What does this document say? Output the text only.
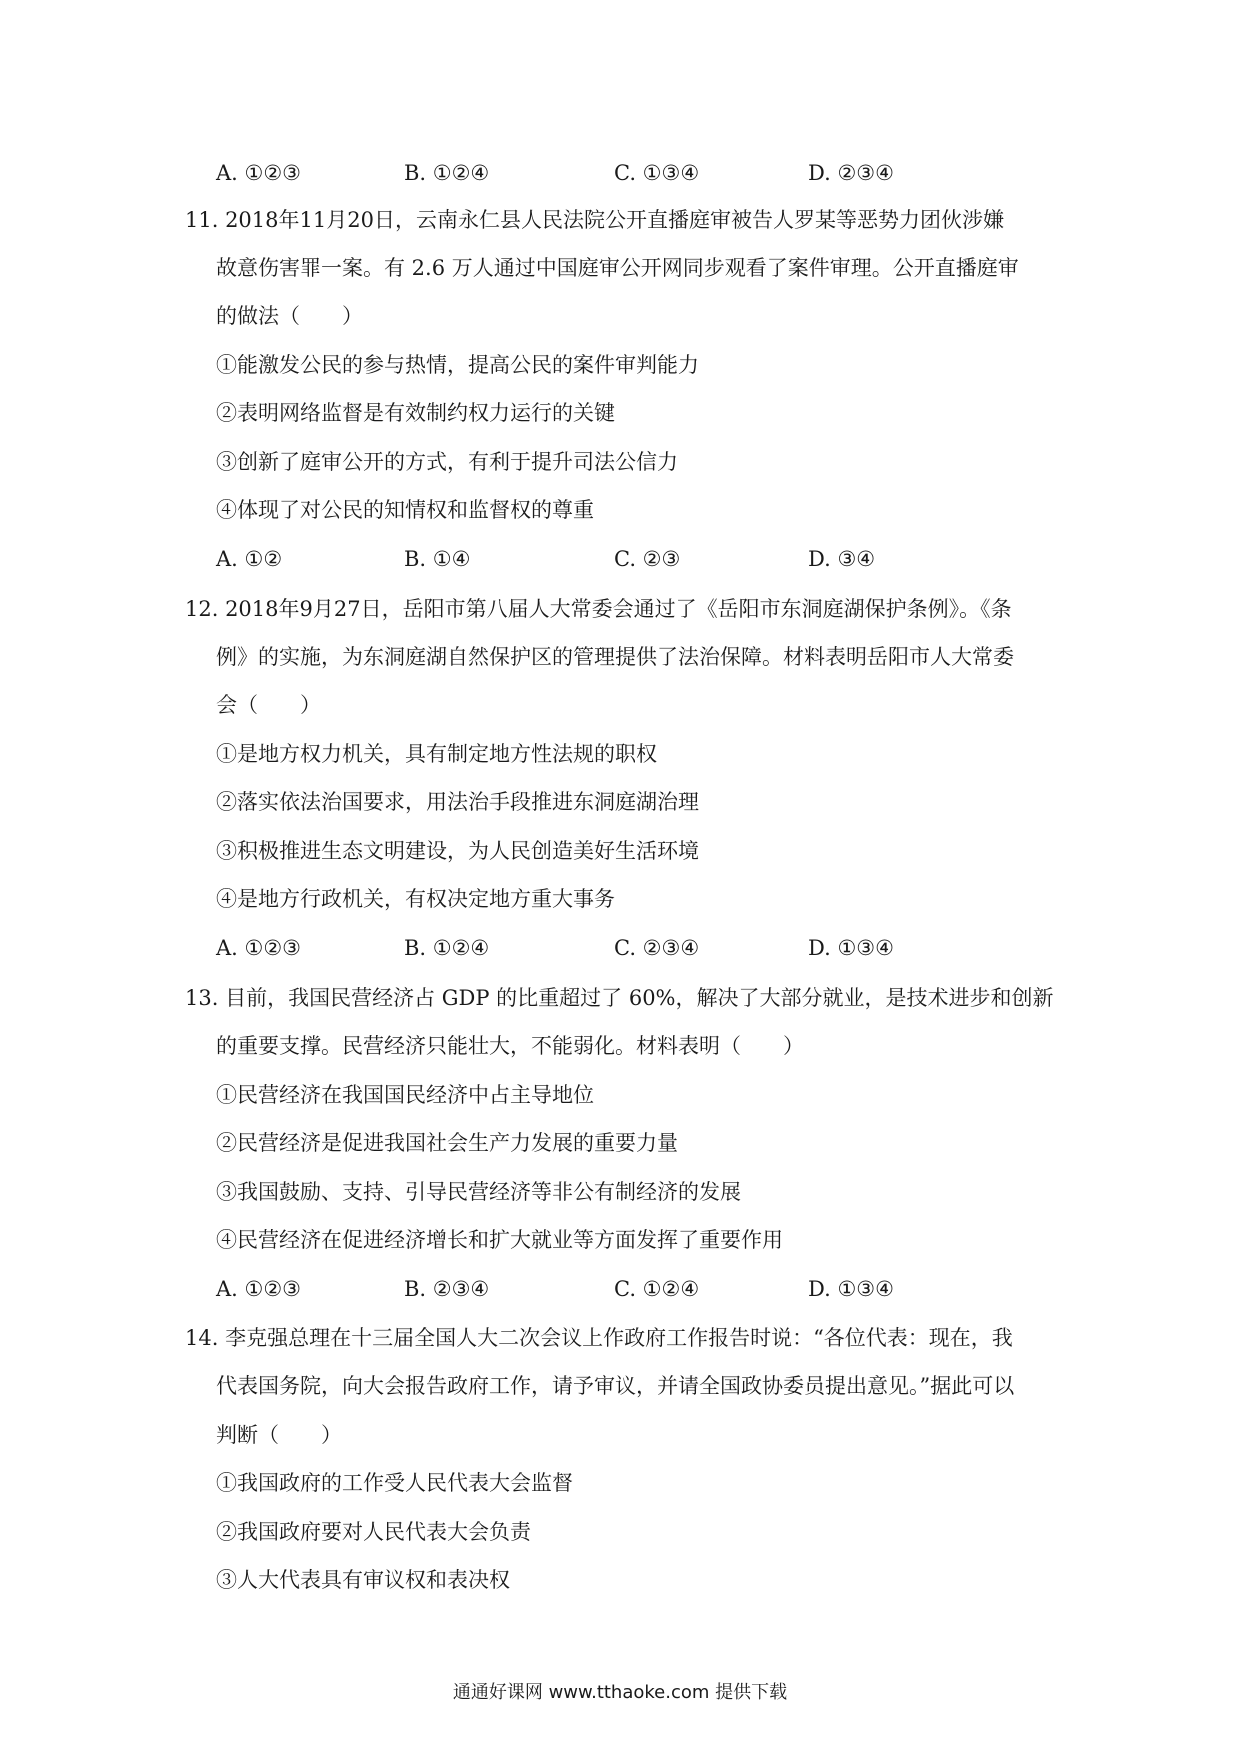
A. ①②③	B. ①②④	C. ①③④	D. ②③④
11. 2018年11月20日，云南永仁县人民法院公开直播庭审被告人罗某等恶势力团伙涉嫌
故意伤害罪一案。有 2.6 万人通过中国庭审公开网同步观看了案件审理。公开直播庭审
的做法（　　）
①能激发公民的参与热情，提高公民的案件审判能力
②表明网络监督是有效制约权力运行的关键
③创新了庭审公开的方式，有利于提升司法公信力
④体现了对公民的知情权和监督权的尊重
A. ①②	B. ①④	C. ②③	D. ③④
12. 2018年9月27日，岳阳市第八届人大常委会通过了《岳阳市东洞庭湖保护条例》。《条
例》的实施，为东洞庭湖自然保护区的管理提供了法治保障。材料表明岳阳市人大常委
会（　　）
①是地方权力机关，具有制定地方性法规的职权
②落实依法治国要求，用法治手段推进东洞庭湖治理
③积极推进生态文明建设，为人民创造美好生活环境
④是地方行政机关，有权决定地方重大事务
A. ①②③	B. ①②④	C. ②③④	D. ①③④
13. 目前，我国民营经济占 GDP 的比重超过了 60%，解决了大部分就业，是技术进步和创新
的重要支撑。民营经济只能壮大，不能弱化。材料表明（　　）
①民营经济在我国国民经济中占主导地位
②民营经济是促进我国社会生产力发展的重要力量
③我国鼓励、支持、引导民营经济等非公有制经济的发展
④民营经济在促进经济增长和扩大就业等方面发挥了重要作用
A. ①②③	B. ②③④	C. ①②④	D. ①③④
14. 李克强总理在十三届全国人大二次会议上作政府工作报告时说：“各位代表：现在，我
代表国务院，向大会报告政府工作，请予审议，并请全国政协委员提出意见。”据此可以
判断（　　）
①我国政府的工作受人民代表大会监督
②我国政府要对人民代表大会负责
③人大代表具有审议权和表决权
通通好课网 www.tthaoke.com 提供下载
